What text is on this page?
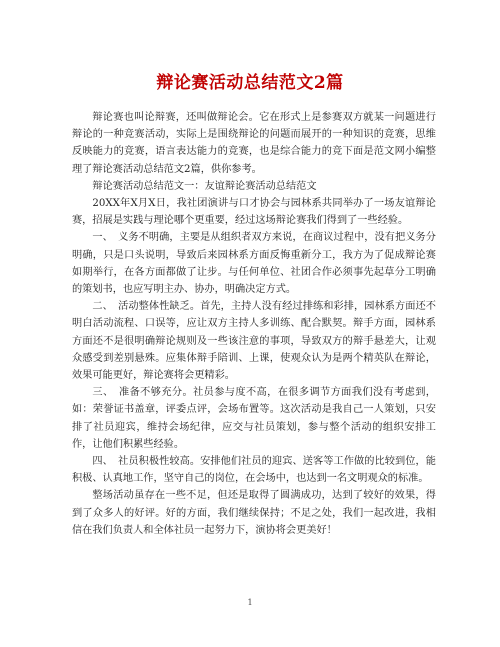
辩论赛活动总结范文2篇

辩论赛也叫论辩赛，还叫做辩论会。它在形式上是参赛双方就某一问题进行辩论的一种竞赛活动，实际上是围绕辩论的问题而展开的一种知识的竞赛，思维反映能力的竞赛，语言表达能力的竞赛，也是综合能力的竞下面是范文网小编整理了辩论赛活动总结范文2篇，供你参考。

辩论赛活动总结范文一：友谊辩论赛活动总结范文

20XX年X月X日，我社团演讲与口才协会与园林系共同举办了一场友谊辩论赛，招展是实践与理论哪个更重要，经过这场辩论赛我们得到了一些经验。

一、　义务不明确，主要是从组织者双方来说，在商议过程中，没有把义务分明确，只是口头说明，导致后来园林系方面反悔重新分工，我方为了促成辩论赛如期举行，在各方面都做了让步。与任何单位、社团合作必须事先起草分工明确的策划书，也应写明主办、协办，明确决定方式。

二、　活动整体性缺乏。首先，主持人没有经过排练和彩排，园林系方面还不明白活动流程、口误等，应让双方主持人多训练、配合默契。辩手方面，园林系方面还不是很明确辩论规则及一些该注意的事项，导致双方的辩手悬差大，让观众感受到差别悬殊。应集体辩手陪训、上课，使观众认为是两个精英队在辩论，效果可能更好，辩论赛将会更精彩。

三、　准备不够充分。社员参与度不高，在很多调节方面我们没有考虑到，如：荣誉证书盖章，评委点评，会场布置等。这次活动是我自己一人策划，只安排了社员迎宾，维持会场纪律，应交与社员策划，参与整个活动的组织安排工作，让他们积累些经验。

四、　社员积极性较高。安排他们社员的迎宾、送客等工作做的比较到位，能积极、认真地工作，坚守自己的岗位，在会场中，也达到一名文明观众的标准。

整场活动虽存在一些不足，但还是取得了圆满成功，达到了较好的效果，得到了众多人的好评。好的方面，我们继续保持；不足之处，我们一起改进，我相信在我们负责人和全体社员一起努力下，演协将会更美好！

1
